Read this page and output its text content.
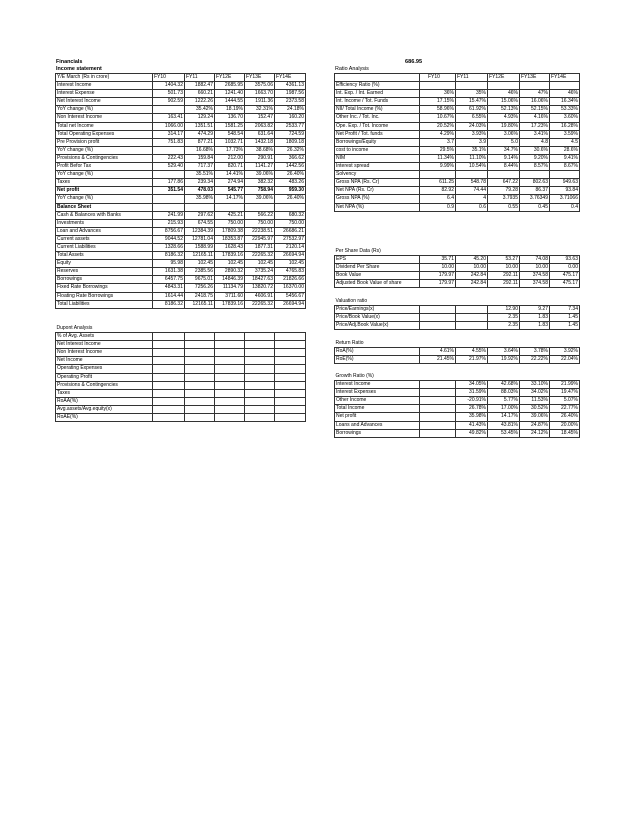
Financials
Income statement
Y/E March (Rs in crore)	FY10	FY11	FY12E	FY13E	FY14E
Interest Income	1404.32	1882.47	2685.95	3575.06	4361.13
Interest Expense	501.73	660.21	1241.40	1663.70	1987.56
Net Interest Income	902.59	1222.26	1444.55	1911.36	2373.58
YoY change (%)		35.42%	18.19%	32.31%	24.18%
Non Interest Income	163.41	129.24	136.70	152.47	160.20
Total net Income	1066.00	1351.51	1581.25	2063.82	2533.77
Total Operating Expenses	314.17	474.29	548.54	631.64	724.59
Pre Provision profit	751.83	877.21	1032.71	1432.18	1809.18
YoY change (%)		16.68%	17.73%	38.68%	26.32%
Provisions & Contingencies	222.43	159.84	212.00	290.91	366.62
Profit Befor Tax	529.40	717.37	820.71	1141.27	1442.56
YoY change (%)		35.51%	14.41%	39.06%	26.40%
Taxes	177.86	239.34	274.94	382.32	483.26
Net profit	351.54	478.03	545.77	758.94	959.30
YoY change (%)		35.98%	14.17%	39.06%	26.40%
Balance Sheet					
Cash & Balances with Banks	241.99	297.62	425.21	566.22	680.32
Investments	215.93	674.55	750.00	750.00	750.00
Loan and Advances	8756.67	12384.39	17809.38	22238.51	26686.21
Current assets	9044.52	12781.04	18353.87	22945.97	27532.97
Current Liabilities	1328.66	1588.99	1628.43	1877.31	2120.14
Total Assets	8186.32	12165.11	17839.16	22265.32	26694.94
Equity	95.98	102.45	102.45	102.45	102.45
Reserves	1631.38	2385.56	2890.32	3735.24	4765.83
Borrowings	6457.75	9675.01	14846.39	18427.63	21826.66
Fixed Rate Borrowings	4843.31	7256.26	11134.79	13820.72	16370.00
Floating Rate Borrowings	1614.44	2418.75	3711.60	4606.91	5456.67
Total Liabilities	8186.32	12165.11	17839.16	22265.32	26694.94
Dupont Analysis					
% of Avg. Assets					
Net Interest Income					
Non Interest Income					
Net Income					
Operating Expenses					
Operating Profit					
Provisions & Contingencies					
Taxes					
RoAA(%)					
Avg.assets/Avg.equity(x)					
RoAE(%)					
686.95
Ratio Analysis
	FY10	FY11	FY12E	FY13E	FY14E
Efficiency Ratio (%)					
Int. Exp. / Int. Earned	36%	35%	46%	47%	46%
Int. Income / Tot. Funds	17.15%	15.47%	15.06%	16.06%	16.34%
NII/ Total Income (%)	58.96%	61.92%	52.13%	52.15%	53.33%
Other Inc. / Tot. Inc.	10.67%	6.55%	4.93%	4.16%	3.60%
Ope. Exp. / Tot. Income	20.52%	24.03%	19.80%	17.23%	16.28%
Net Profit / Tot. funds	4.29%	3.93%	3.06%	3.41%	3.59%
Borrowings/Equity	3.7	3.9	5.0	4.8	4.5
cost to income	29.5%	35.1%	34.7%	30.6%	28.6%
NIM	11.34%	11.10%	9.14%	9.20%	9.41%
Interest spread	9.99%	10.54%	8.44%	8.57%	8.67%
Solvency					
Gross NPA (Rs. Cr)	611.25	548.78	647.22	802.63	949.63
Net NPA (Rs. Cr)	82.92	74.44	79.28	86.37	93.84
Gross NPA (%)	6.4	4	3.7935	3.76349	3.71066
Net NPA (%)	0.9	0.6	0.55	0.45	0.4
Per Share Data (Rs)					
EPS	35.71	45.20	53.27	74.08	93.63
Dividend Per Share	10.00	10.00	10.00	10.00	0.00
Book Value	179.97	242.84	292.11	374.58	475.17
Adjusted Book Value of share	179.97	242.84	292.11	374.58	475.17
Valuation ratio					
Price/Earnings(x)			12.90	9.27	7.34
Price/Book Value(x)			2.35	1.83	1.45
Price/Adj.Book Value(x)			2.35	1.83	1.45
Return Ratio					
RoA(%)	4.61%	4.55%	3.64%	3.78%	3.92%
RoE(%)	21.45%	21.97%	19.92%	22.22%	22.04%
Growth Ratio (%)					
Interest Income		34.05%	42.68%	33.10%	21.99%
Interest Expenses		31.59%	88.03%	34.02%	19.47%
Other Income		-20.91%	5.77%	11.53%	5.07%
Total Income		26.78%	17.00%	30.52%	22.77%
Net profit		35.98%	14.17%	39.06%	26.40%
Loans and Advances		41.43%	43.81%	24.87%	20.00%
Borrowings		49.82%	53.45%	24.12%	18.45%
